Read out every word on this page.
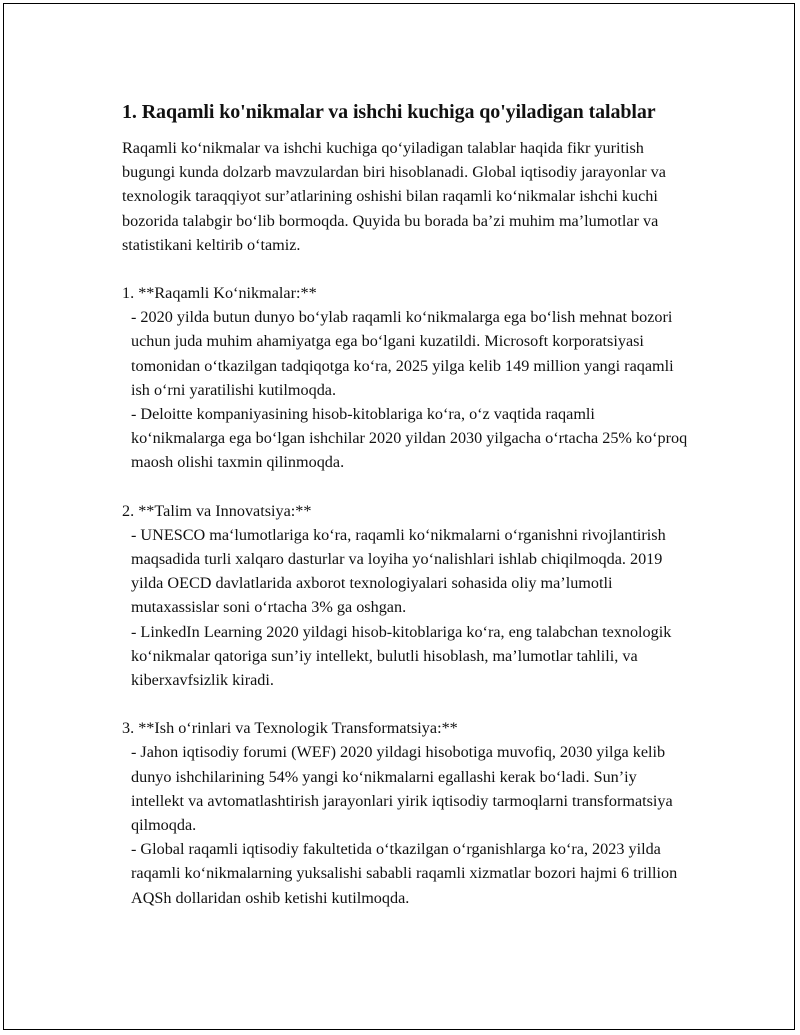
1. Raqamli ko'nikmalar va ishchi kuchiga qo'yiladigan talablar

Raqamli koʻnikmalar va ishchi kuchiga qoʻyiladigan talablar haqida fikr yuritish bugungi kunda dolzarb mavzulardan biri hisoblanadi. Global iqtisodiy jarayonlar va texnologik taraqqiyot surʼatlarining oshishi bilan raqamli koʻnikmalar ishchi kuchi bozorida talabgir boʻlib bormoqda. Quyida bu borada baʼzi muhim maʼlumotlar va statistikani keltirib oʻtamiz.

1. **Raqamli Koʻnikmalar:**

- 2020 yilda butun dunyo boʻylab raqamli koʻnikmalarga ega boʻlish mehnat bozori uchun juda muhim ahamiyatga ega boʻlgani kuzatildi. Microsoft korporatsiyasi tomonidan oʻtkazilgan tadqiqotga koʻra, 2025 yilga kelib 149 million yangi raqamli ish oʻrni yaratilishi kutilmoqda.

- Deloitte kompaniyasining hisob-kitoblariga koʻra, oʻz vaqtida raqamli koʻnikmalarga ega boʻlgan ishchilar 2020 yildan 2030 yilgacha oʻrtacha 25% koʻproq maosh olishi taxmin qilinmoqda.

2. **Talim va Innovatsiya:**

- UNESCO maʻlumotlariga koʻra, raqamli koʻnikmalarni oʻrganishni rivojlantirish maqsadida turli xalqaro dasturlar va loyiha yoʻnalishlari ishlab chiqilmoqda. 2019 yilda OECD davlatlarida axborot texnologiyalari sohasida oliy maʼlumotli mutaxassislar soni oʻrtacha 3% ga oshgan.

- LinkedIn Learning 2020 yildagi hisob-kitoblariga koʻra, eng talabchan texnologik koʻnikmalar qatoriga sunʼiy intellekt, bulutli hisoblash, maʼlumotlar tahlili, va kiberxavfsizlik kiradi.

3. **Ish oʻrinlari va Texnologik Transformatsiya:**

- Jahon iqtisodiy forumi (WEF) 2020 yildagi hisobotiga muvofiq, 2030 yilga kelib dunyo ishchilarining 54% yangi koʻnikmalarni egallashi kerak boʻladi. Sunʼiy intellekt va avtomatlashtirish jarayonlari yirik iqtisodiy tarmoqlarni transformatsiya qilmoqda.

- Global raqamli iqtisodiy fakultetida oʻtkazilgan oʻrganishlarga koʻra, 2023 yilda raqamli koʻnikmalarning yuksalishi sababli raqamli xizmatlar bozori hajmi 6 trillion AQSh dollaridan oshib ketishi kutilmoqda.
